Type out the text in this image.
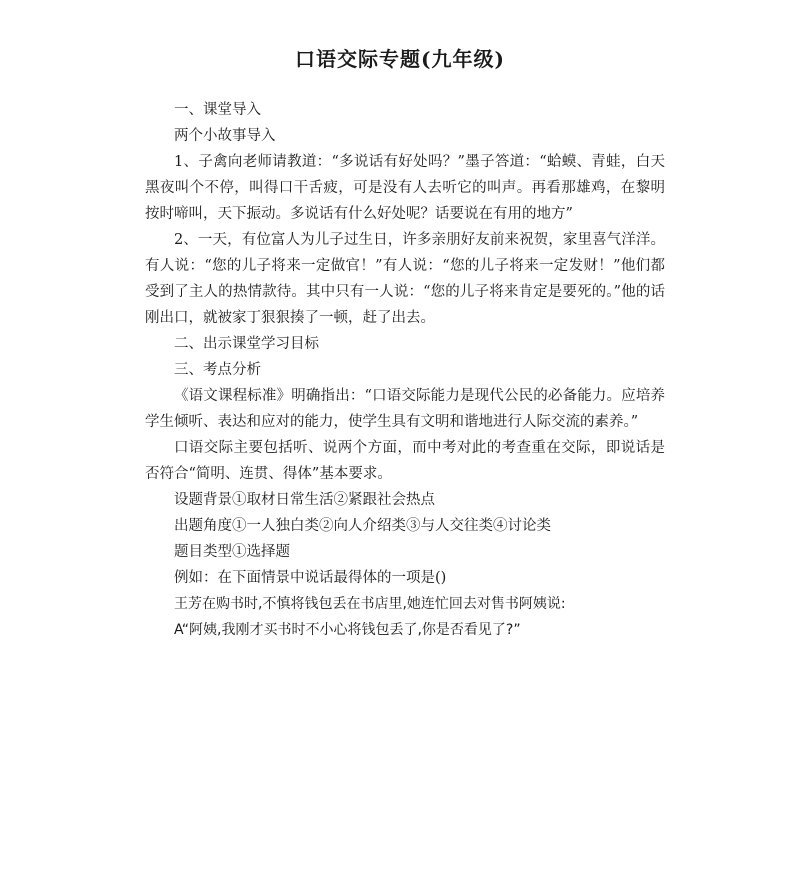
口语交际专题(九年级)

一、课堂导入

两个小故事导入

1、子禽向老师请教道：“多说话有好处吗？”墨子答道：“蛤蟆、青蛙，白天黑夜叫个不停，叫得口干舌疲，可是没有人去听它的叫声。再看那雄鸡，在黎明按时啼叫，天下振动。多说话有什么好处呢？话要说在有用的地方”

2、一天，有位富人为儿子过生日，许多亲朋好友前来祝贺，家里喜气洋洋。有人说：“您的儿子将来一定做官！”有人说：“您的儿子将来一定发财！”他们都受到了主人的热情款待。其中只有一人说：“您的儿子将来肯定是要死的。”他的话刚出口，就被家丁狠狠揍了一顿，赶了出去。

二、出示课堂学习目标

三、考点分析

《语文课程标准》明确指出：“口语交际能力是现代公民的必备能力。应培养学生倾听、表达和应对的能力，使学生具有文明和谐地进行人际交流的素养。”

口语交际主要包括听、说两个方面，而中考对此的考查重在交际，即说话是否符合“简明、连贯、得体”基本要求。

设题背景①取材日常生活②紧跟社会热点

出题角度①一人独白类②向人介绍类③与人交往类④讨论类

题目类型①选择题

例如：在下面情景中说话最得体的一项是()

王芳在购书时,不慎将钱包丢在书店里,她连忙回去对售书阿姨说:

A“阿姨,我刚才买书时不小心将钱包丢了,你是否看见了?”
